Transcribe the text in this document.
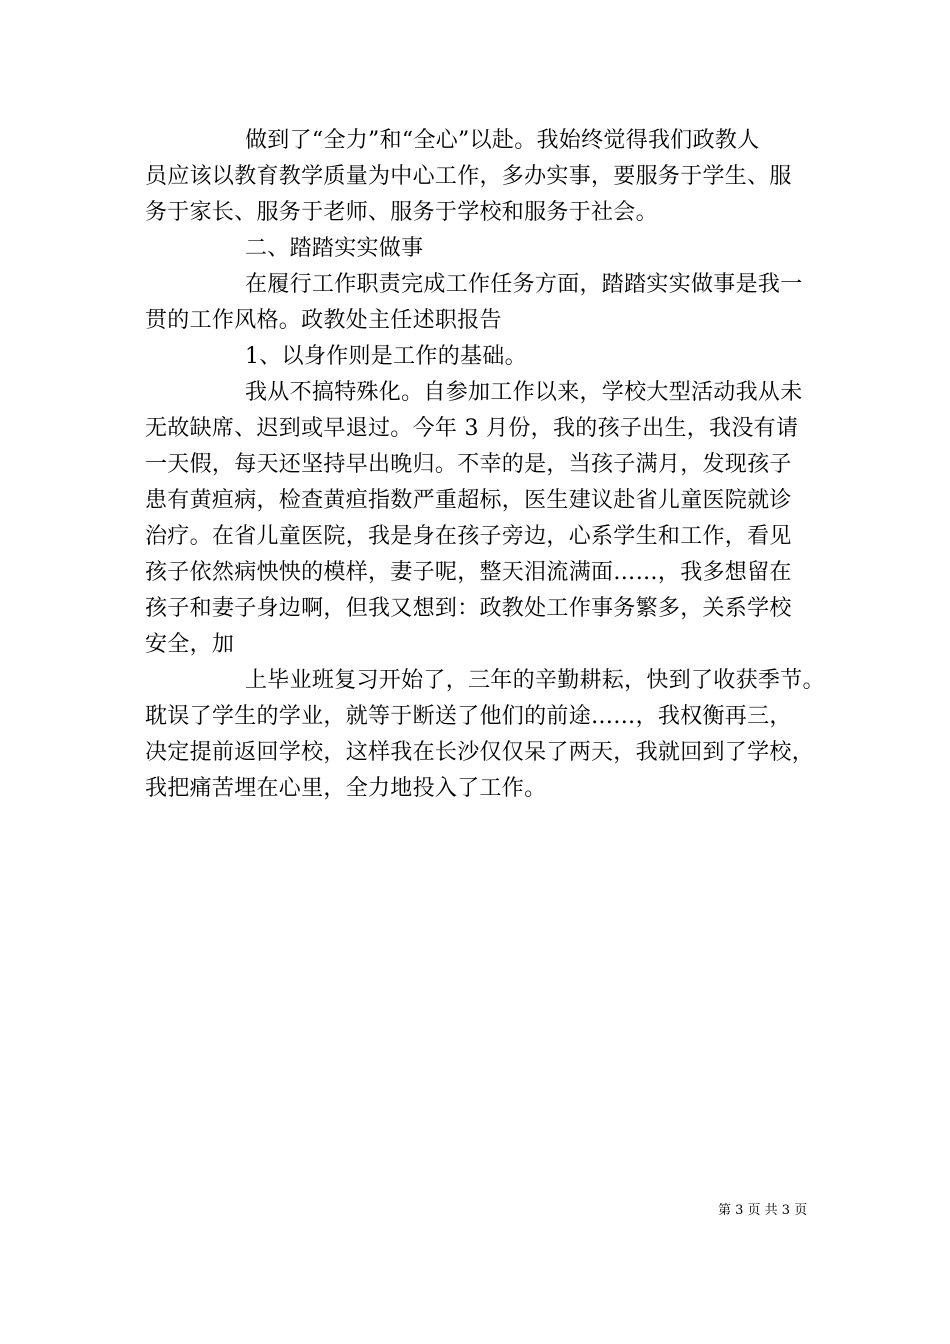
做到了“全力”和“全心”以赴。我始终觉得我们政教人
员应该以教育教学质量为中心工作，多办实事，要服务于学生、服
务于家长、服务于老师、服务于学校和服务于社会。
二、踏踏实实做事
在履行工作职责完成工作任务方面，踏踏实实做事是我一
贯的工作风格。政教处主任述职报告
1、以身作则是工作的基础。
我从不搞特殊化。自参加工作以来，学校大型活动我从未
无故缺席、迟到或早退过。今年 3 月份，我的孩子出生，我没有请
一天假，每天还坚持早出晚归。不幸的是，当孩子满月，发现孩子
患有黄疸病，检查黄疸指数严重超标，医生建议赴省儿童医院就诊
治疗。在省儿童医院，我是身在孩子旁边，心系学生和工作，看见
孩子依然病怏怏的模样，妻子呢，整天泪流满面……，我多想留在
孩子和妻子身边啊，但我又想到：政教处工作事务繁多，关系学校
安全，加
上毕业班复习开始了，三年的辛勤耕耘，快到了收获季节。
耽误了学生的学业，就等于断送了他们的前途……，我权衡再三，
决定提前返回学校，这样我在长沙仅仅呆了两天，我就回到了学校，
我把痛苦埋在心里，全力地投入了工作。
第 3 页 共 3 页
